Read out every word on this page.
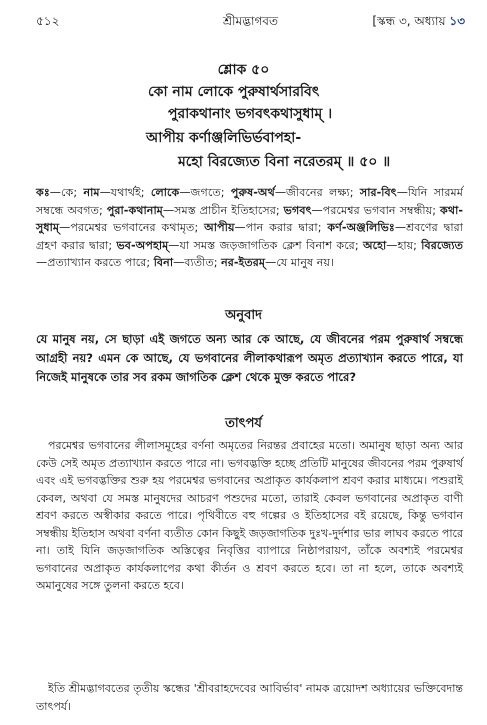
৫১২	শ্রীমদ্ভাগবত	[স্কন্ধ ৩, অধ্যায় ১৩
শ্লোক ৫০
কো নাম লোকে পুরুষার্থসারবিৎ
পুরাকথানাং ভগবৎকথাসুধাম্ ।
আপীয় কর্ণাঞ্জলিভির্ভবাপহা-
মহো বিরজ্যেত বিনা নরেতরম্ ॥ ৫০ ॥
কঃ—কে; নাম—যথার্থই; লোকে—জগতে; পুরুষ-অর্থ—জীবনের লক্ষ্য; সার-বিৎ—যিনি সারমর্ম সম্বন্ধে অবগত; পুরা-কথানাম্—সমস্ত প্রাচীন ইতিহাসের; ভগবৎ—পরমেশ্বর ভগবান সম্বন্ধীয়; কথা-সুধাম্—পরমেশ্বর ভগবানের কথামৃত; আপীয়—পান করার দ্বারা; কর্ণ-অঞ্জলিভিঃ—শ্রবণের দ্বারা গ্রহণ করার দ্বারা; ভব-অপহাম্—যা সমস্ত জড়জাগতিক ক্লেশ বিনাশ করে; অহো—হায়; বিরজ্যেত—প্রত্যাখ্যান করতে পারে; বিনা—ব্যতীত; নর-ইতরম্—যে মানুষ নয়।
অনুবাদ
যে মানুষ নয়, সে ছাড়া এই জগতে অন্য আর কে আছে, যে জীবনের পরম পুরুষার্থ সম্বন্ধে আগ্রহী নয়? এমন কে আছে, যে ভগবানের লীলাকথারূপ অমৃত প্রত্যাখ্যান করতে পারে, যা নিজেই মানুষকে তার সব রকম জাগতিক ক্লেশ থেকে মুক্ত করতে পারে?
তাৎপর্য

পরমেশ্বর ভগবানের লীলাসমূহের বর্ণনা অমৃতের নিরন্তর প্রবাহের মতো। অমানুষ ছাড়া অন্য আর কেউ সেই অমৃত প্রত্যাখ্যান করতে পারে না। ভগবদ্ভক্তি হচ্ছে প্রতিটি মানুষের জীবনের পরম পুরুষার্থ এবং এই ভগবদ্ভক্তির শুরু হয় পরমেশ্বর ভগবানের অপ্রাকৃত কার্যকলাপ শ্রবণ করার মাধ্যমে। পশুরাই কেবল, অথবা যে সমস্ত মানুষদের আচরণ পশুদের মতো, তারাই কেবল ভগবানের অপ্রাকৃত বাণী শ্রবণ করতে অস্বীকার করতে পারে। পৃথিবীতে বহু গল্পের ও ইতিহাসের বই রয়েছে, কিন্তু ভগবান সম্বন্ধীয় ইতিহাস অথবা বর্ণনা ব্যতীত কোন কিছুই জড়জাগতিক দুঃখ-দুর্দশার ভার লাঘব করতে পারে না। তাই যিনি জড়জাগতিক অস্তিত্বের নিবৃত্তির ব্যাপারে নিষ্ঠাপরায়ণ, তাঁকে অবশ্যই পরমেশ্বর ভগবানের অপ্রাকৃত কার্যকলাপের কথা কীর্তন ও শ্রবণ করতে হবে। তা না হলে, তাকে অবশ্যই অমানুষের সঙ্গে তুলনা করতে হবে।

ইতি শ্রীমদ্ভাগবতের তৃতীয় স্কন্ধের 'শ্রীবরাহদেবের আবির্ভাব' নামক ত্রয়োদশ অধ্যায়ের ভক্তিবেদান্ত তাৎপর্য।
